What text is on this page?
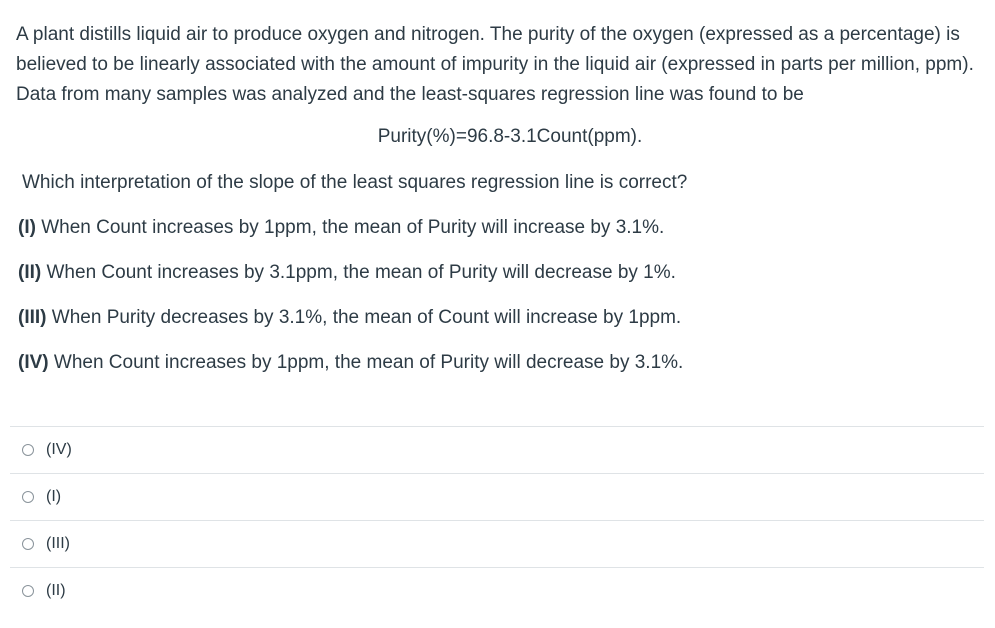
A plant distills liquid air to produce oxygen and nitrogen. The purity of the oxygen (expressed as a percentage) is believed to be linearly associated with the amount of impurity in the liquid air (expressed in parts per million, ppm). Data from many samples was analyzed and the least-squares regression line was found to be

Purity(%)=96.8-3.1Count(ppm).
Which interpretation of the slope of the least squares regression line is correct?
(I) When Count increases by 1ppm, the mean of Purity will increase by 3.1%.
(II) When Count increases by 3.1ppm, the mean of Purity will decrease by 1%.
(III) When Purity decreases by 3.1%, the mean of Count will increase by 1ppm.
(IV) When Count increases by 1ppm, the mean of Purity will decrease by 3.1%.
(IV)
(I)
(III)
(II)
